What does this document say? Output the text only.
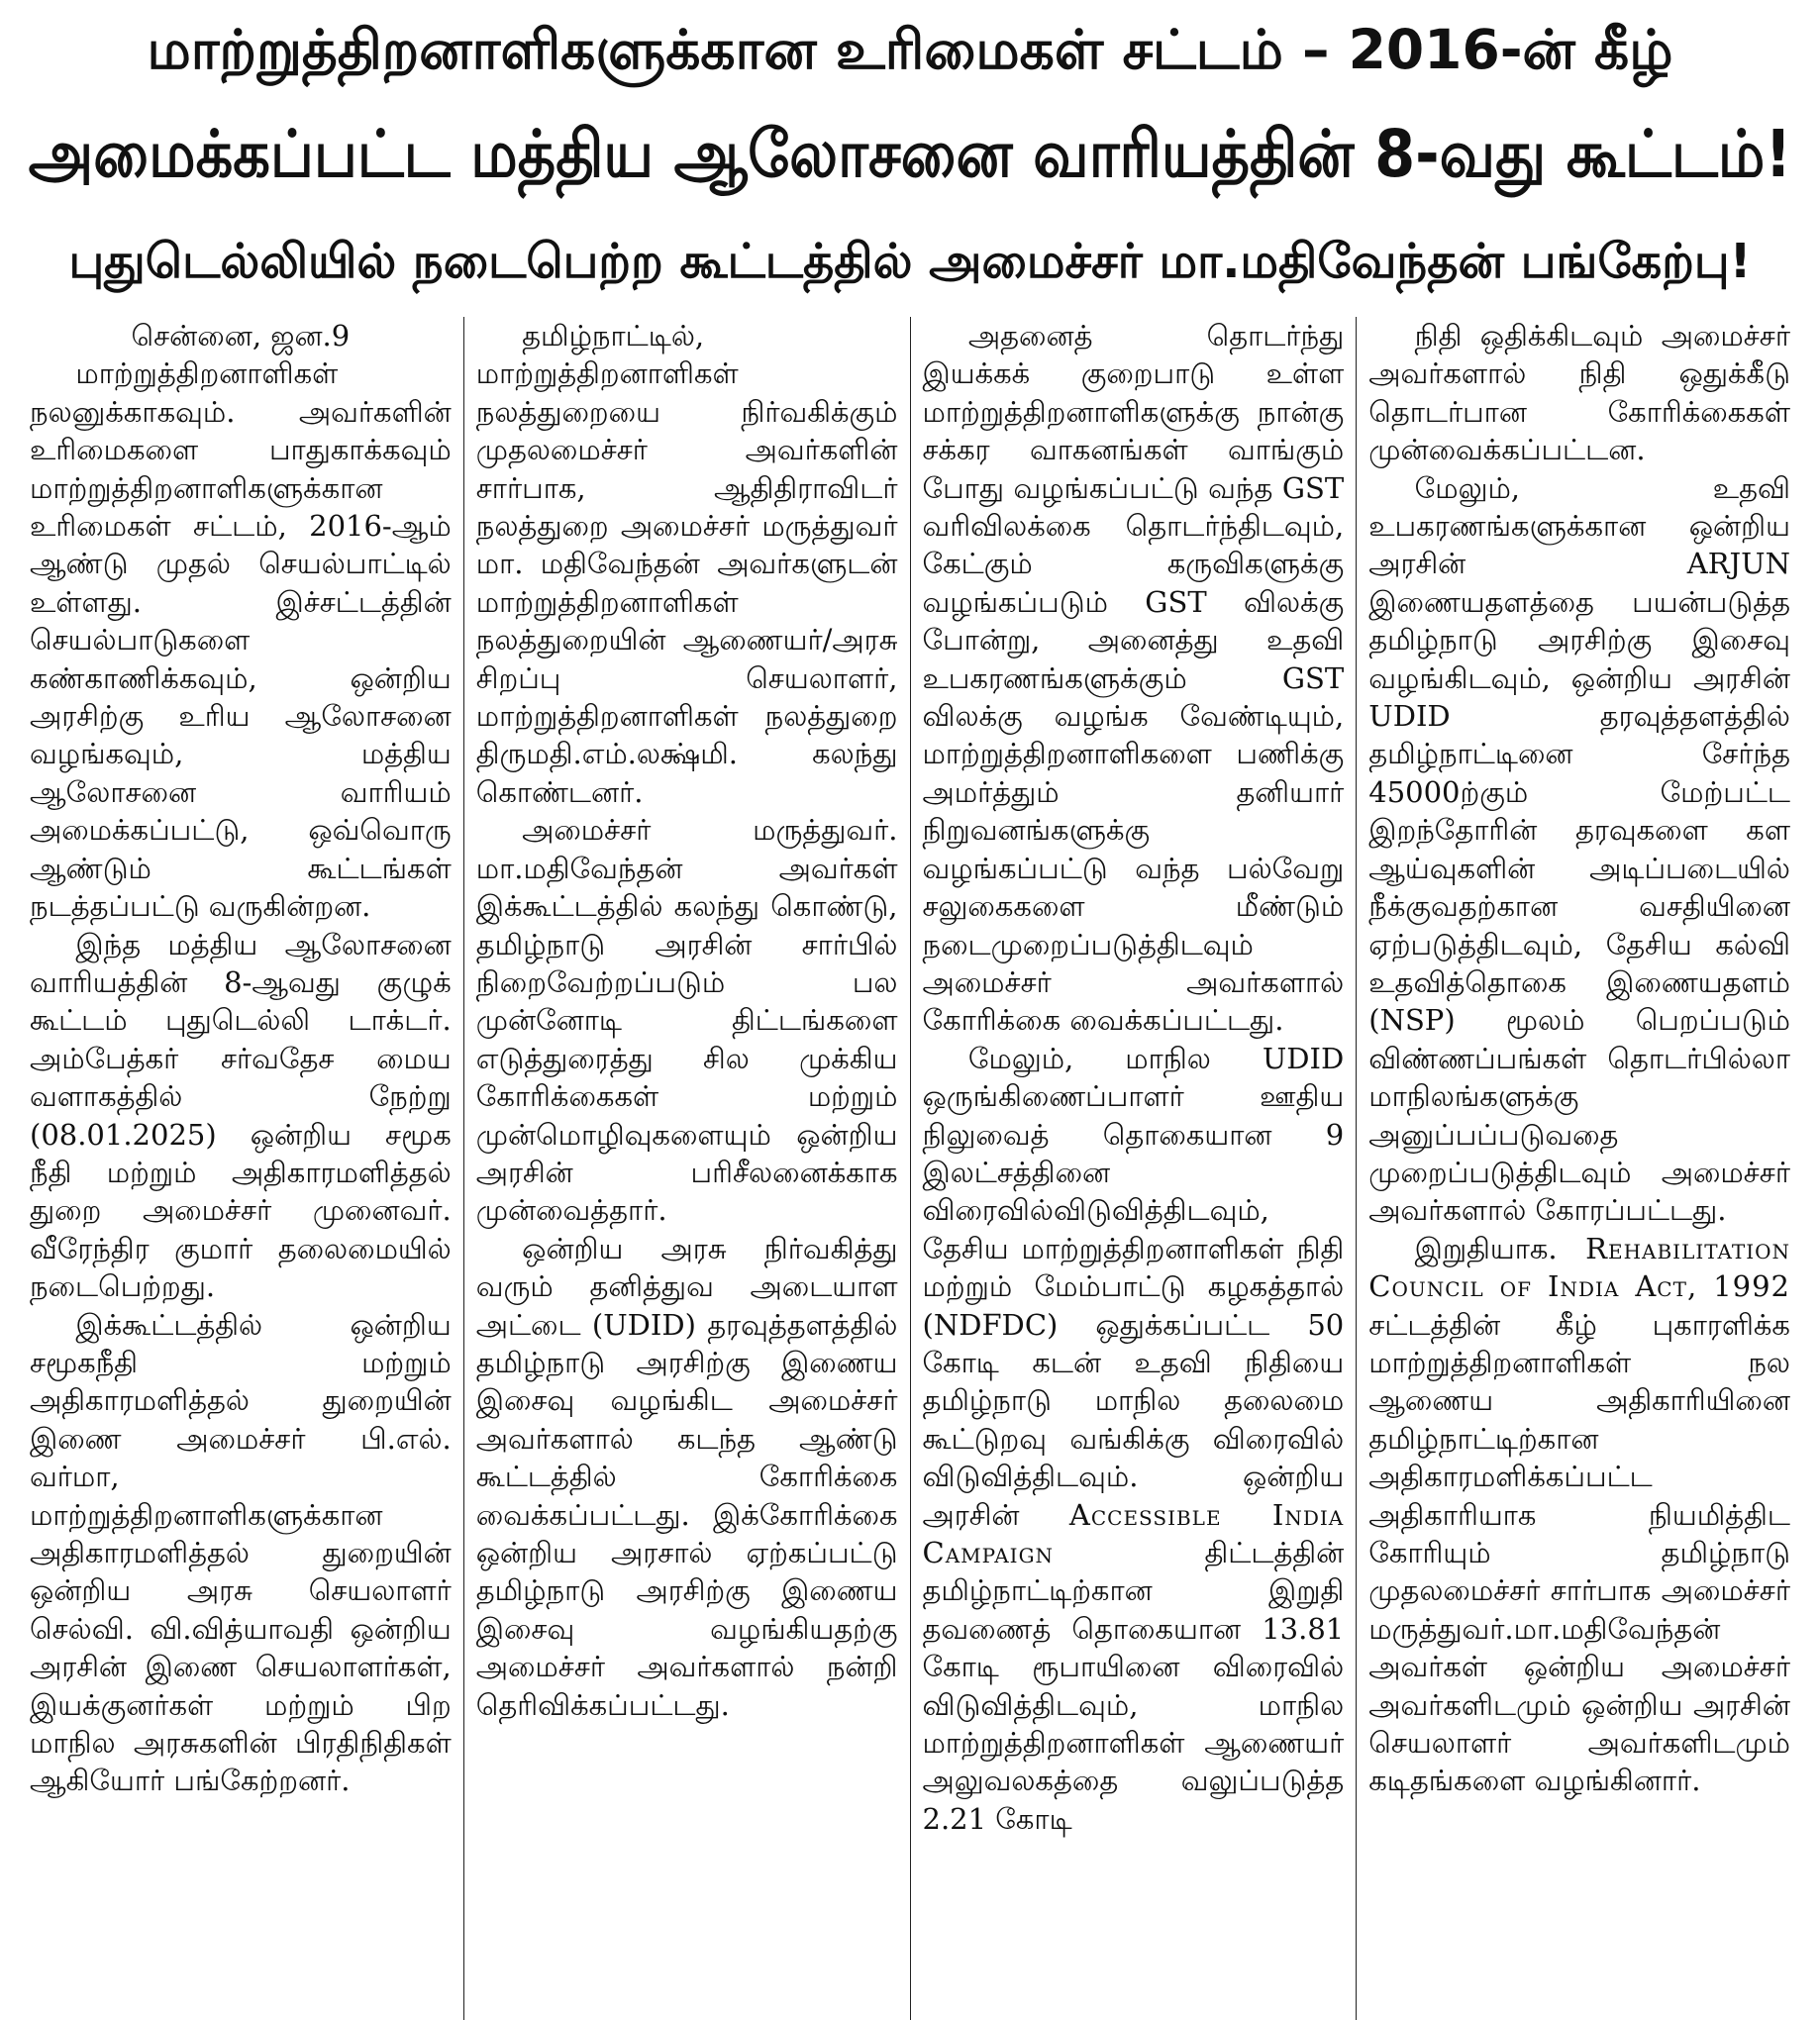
மாற்றுத்திறனாளிகளுக்கான உரிமைகள் சட்டம் – 2016-ன் கீழ்
அமைக்கப்பட்ட மத்திய ஆலோசனை வாரியத்தின் 8-வது கூட்டம்!
புதுடெல்லியில் நடைபெற்ற கூட்டத்தில் அமைச்சர் மா.மதிவேந்தன் பங்கேற்பு!

சென்னை, ஜன.9

மாற்றுத்திறனாளிகள் நலனுக்காகவும். அவர்களின் உரிமைகளை பாதுகாக்கவும் மாற்றுத்திறனாளிகளுக்கான உரிமைகள் சட்டம், 2016-ஆம் ஆண்டு முதல் செயல்பாட்டில் உள்ளது. இச்சட்டத்தின் செயல்பாடுகளை கண்காணிக்கவும், ஒன்றிய அரசிற்கு உரிய ஆலோசனை வழங்கவும், மத்திய ஆலோசனை வாரியம் அமைக்கப்பட்டு, ஒவ்வொரு ஆண்டும் கூட்டங்கள் நடத்தப்பட்டு வருகின்றன.

இந்த மத்திய ஆலோசனை வாரியத்தின் 8-ஆவது குழுக் கூட்டம் புதுடெல்லி டாக்டர். அம்பேத்கர் சர்வதேச மைய வளாகத்தில் நேற்று (08.01.2025) ஒன்றிய சமூக நீதி மற்றும் அதிகாரமளித்தல் துறை அமைச்சர் முனைவர். வீரேந்திர குமார் தலைமையில் நடைபெற்றது.

இக்கூட்டத்தில் ஒன்றிய சமூகநீதி மற்றும் அதிகாரமளித்தல் துறையின் இணை அமைச்சர் பி.எல். வர்மா, மாற்றுத்திறனாளிகளுக்கான அதிகாரமளித்தல் துறையின் ஒன்றிய அரசு செயலாளர் செல்வி. வி.வித்யாவதி ஒன்றிய அரசின் இணை செயலாளர்கள், இயக்குனர்கள் மற்றும் பிற மாநில அரசுகளின் பிரதிநிதிகள் ஆகியோர் பங்கேற்றனர்.

தமிழ்நாட்டில், மாற்றுத்திறனாளிகள் நலத்துறையை நிர்வகிக்கும் முதலமைச்சர் அவர்களின் சார்பாக, ஆதிதிராவிடர் நலத்துறை அமைச்சர் மருத்துவர் மா. மதிவேந்தன் அவர்களுடன் மாற்றுத்திறனாளிகள் நலத்துறையின் ஆணையர்/அரசு சிறப்பு செயலாளர், மாற்றுத்திறனாளிகள் நலத்துறை திருமதி.எம்.லக்ஷ்மி. கலந்து கொண்டனர்.

அமைச்சர் மருத்துவர். மா.மதிவேந்தன் அவர்கள் இக்கூட்டத்தில் கலந்து கொண்டு, தமிழ்நாடு அரசின் சார்பில் நிறைவேற்றப்படும் பல முன்னோடி திட்டங்களை எடுத்துரைத்து சில முக்கிய கோரிக்கைகள் மற்றும் முன்மொழிவுகளையும் ஒன்றிய அரசின் பரிசீலனைக்காக முன்வைத்தார்.

ஒன்றிய அரசு நிர்வகித்து வரும் தனித்துவ அடையாள அட்டை (UDID) தரவுத்தளத்தில் தமிழ்நாடு அரசிற்கு இணைய இசைவு வழங்கிட அமைச்சர் அவர்களால் கடந்த ஆண்டு கூட்டத்தில் கோரிக்கை வைக்கப்பட்டது. இக்கோரிக்கை ஒன்றிய அரசால் ஏற்கப்பட்டு தமிழ்நாடு அரசிற்கு இணைய இசைவு வழங்கியதற்கு அமைச்சர் அவர்களால் நன்றி தெரிவிக்கப்பட்டது.

அதனைத் தொடர்ந்து இயக்கக் குறைபாடு உள்ள மாற்றுத்திறனாளிகளுக்கு நான்கு சக்கர வாகனங்கள் வாங்கும் போது வழங்கப்பட்டு வந்த GST வரிவிலக்கை தொடர்ந்திடவும், கேட்கும் கருவிகளுக்கு வழங்கப்படும் GST விலக்கு போன்று, அனைத்து உதவி உபகரணங்களுக்கும் GST விலக்கு வழங்க வேண்டியும், மாற்றுத்திறனாளிகளை பணிக்கு அமர்த்தும் தனியார் நிறுவனங்களுக்கு வழங்கப்பட்டு வந்த பல்வேறு சலுகைகளை மீண்டும் நடைமுறைப்படுத்திடவும் அமைச்சர் அவர்களால் கோரிக்கை வைக்கப்பட்டது.

மேலும், மாநில UDID ஒருங்கிணைப்பாளர் ஊதிய நிலுவைத் தொகையான 9 இலட்சத்தினை விரைவில்விடுவித்திடவும், தேசிய மாற்றுத்திறனாளிகள் நிதி மற்றும் மேம்பாட்டு கழகத்தால் (NDFDC) ஒதுக்கப்பட்ட 50 கோடி கடன் உதவி நிதியை தமிழ்நாடு மாநில தலைமை கூட்டுறவு வங்கிக்கு விரைவில் விடுவித்திடவும். ஒன்றிய அரசின் Accessible India Campaign	திட்டத்தின் தமிழ்நாட்டிற்கான இறுதி தவணைத் தொகையான 13.81 கோடி ரூபாயினை விரைவில் விடுவித்திடவும், மாநில மாற்றுத்திறனாளிகள் ஆணையர் அலுவலகத்தை வலுப்படுத்த 2.21 கோடி

நிதி ஒதிக்கிடவும் அமைச்சர் அவர்களால் நிதி ஒதுக்கீடு தொடர்பான கோரிக்கைகள் முன்வைக்கப்பட்டன.

மேலும், உதவி உபகரணங்களுக்கான ஒன்றிய அரசின் ARJUN இணையதளத்தை பயன்படுத்த தமிழ்நாடு அரசிற்கு இசைவு வழங்கிடவும், ஒன்றிய அரசின் UDID தரவுத்தளத்தில் தமிழ்நாட்டினை சேர்ந்த 45000ற்கும் மேற்பட்ட இறந்தோரின் தரவுகளை கள ஆய்வுகளின் அடிப்படையில் நீக்குவதற்கான வசதியினை ஏற்படுத்திடவும், தேசிய கல்வி உதவித்தொகை இணையதளம் (NSP) மூலம் பெறப்படும் விண்ணப்பங்கள் தொடர்பில்லா மாநிலங்களுக்கு அனுப்பப்படுவதை முறைப்படுத்திடவும் அமைச்சர் அவர்களால் கோரப்பட்டது.

இறுதியாக. Rehabilitation Council of India Act, 1992 சட்டத்தின் கீழ் புகாரளிக்க மாற்றுத்திறனாளிகள் நல ஆணைய அதிகாரியினை தமிழ்நாட்டிற்கான அதிகாரமளிக்கப்பட்ட அதிகாரியாக நியமித்திட கோரியும் தமிழ்நாடு முதலமைச்சர் சார்பாக அமைச்சர் மருத்துவர்.மா.மதிவேந்தன் அவர்கள் ஒன்றிய அமைச்சர் அவர்களிடமும் ஒன்றிய அரசின் செயலாளர் அவர்களிடமும் கடிதங்களை வழங்கினார்.
